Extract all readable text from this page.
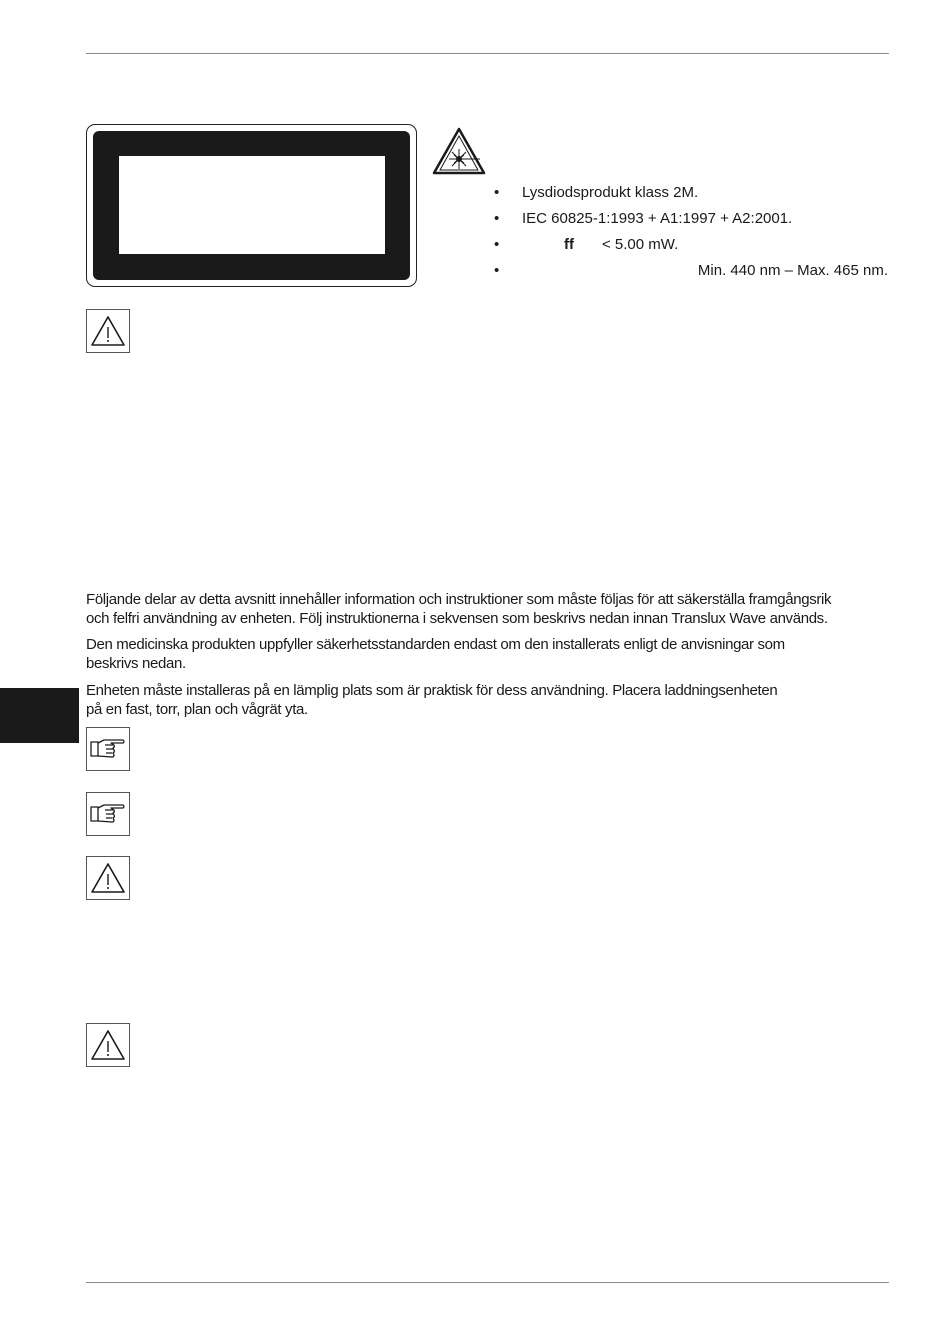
• Lysdiodsprodukt klass 2M.
• IEC 60825-1:1993 + A1:1997 + A2:2001.
•	ff < 5.00 mW.
•	Min. 440 nm – Max. 465 nm.

Följande delar av detta avsnitt innehåller information och instruktioner som måste följas för att säkerställa framgångsrik
och felfri användning av enheten. Följ instruktionerna i sekvensen som beskrivs nedan innan Translux Wave används.

Den medicinska produkten uppfyller säkerhetsstandarden endast om den installerats enligt de anvisningar som
beskrivs nedan.

Enheten måste installeras på en lämplig plats som är praktisk för dess användning. Placera laddningsenheten
på en fast, torr, plan och vågrät yta.
